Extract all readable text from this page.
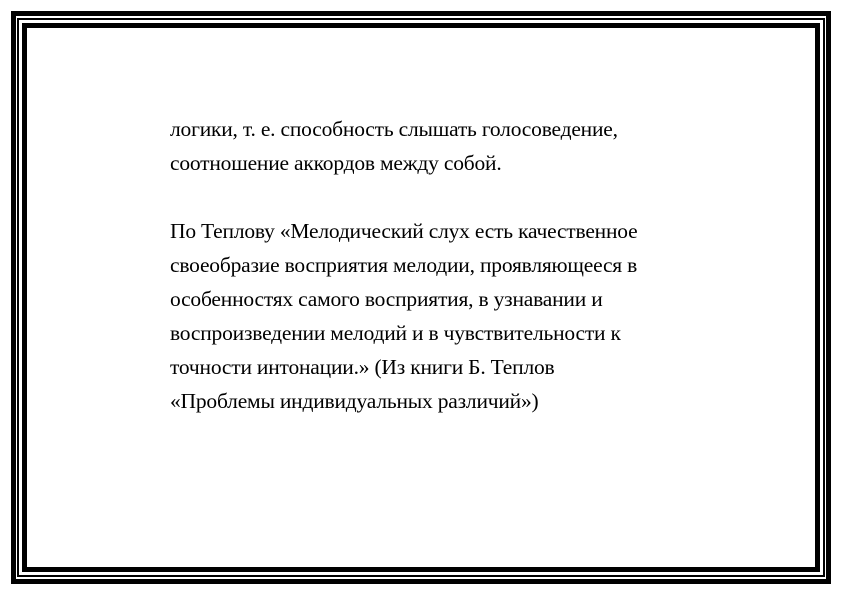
логики, т. е. способность слышать голосоведение,
соотношение аккордов между собой.

По Теплову «Мелодический слух есть качественное
своеобразие восприятия мелодии, проявляющееся в
особенностях самого восприятия, в узнавании и
воспроизведении мелодий и в чувствительности к
точности интонации.» (Из книги Б. Теплов
«Проблемы индивидуальных различий»)
